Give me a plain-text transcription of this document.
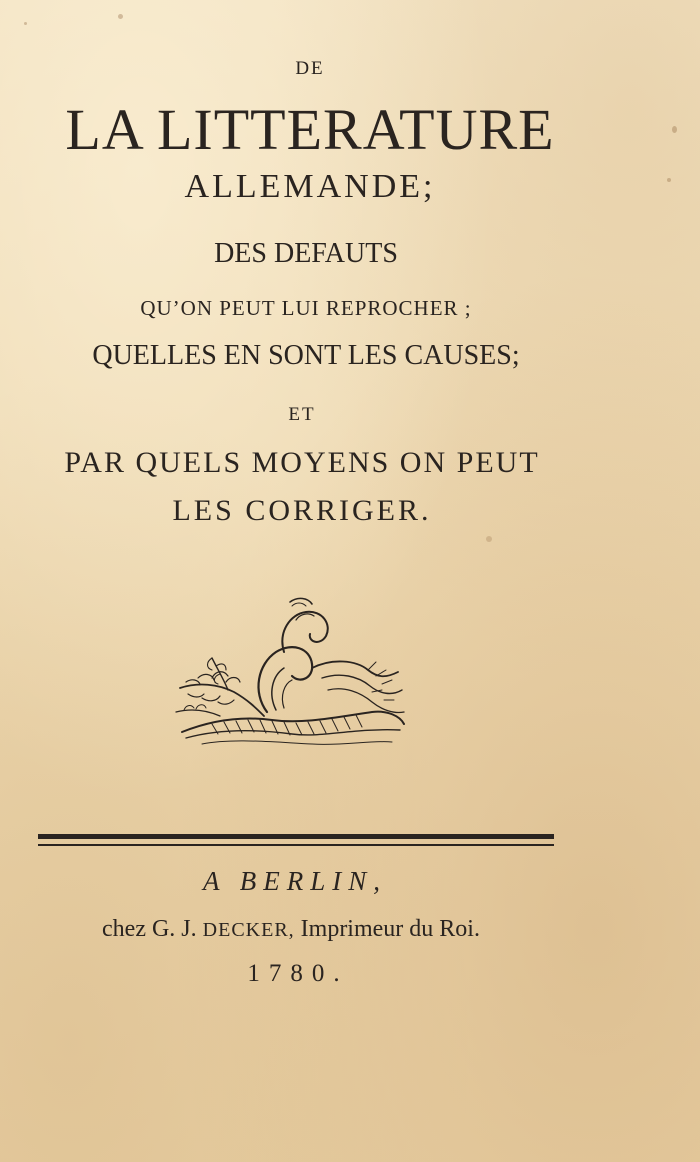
DE
LA LITTERATURE
ALLEMANDE;
DES DEFAUTS
QU’ON PEUT LUI REPROCHER ;
QUELLES EN SONT LES CAUSES;
ET
PAR QUELS MOYENS ON PEUT
LES CORRIGER.
A BERLIN,
chez G. J. DECKER, Imprimeur du Roi.
1780.
